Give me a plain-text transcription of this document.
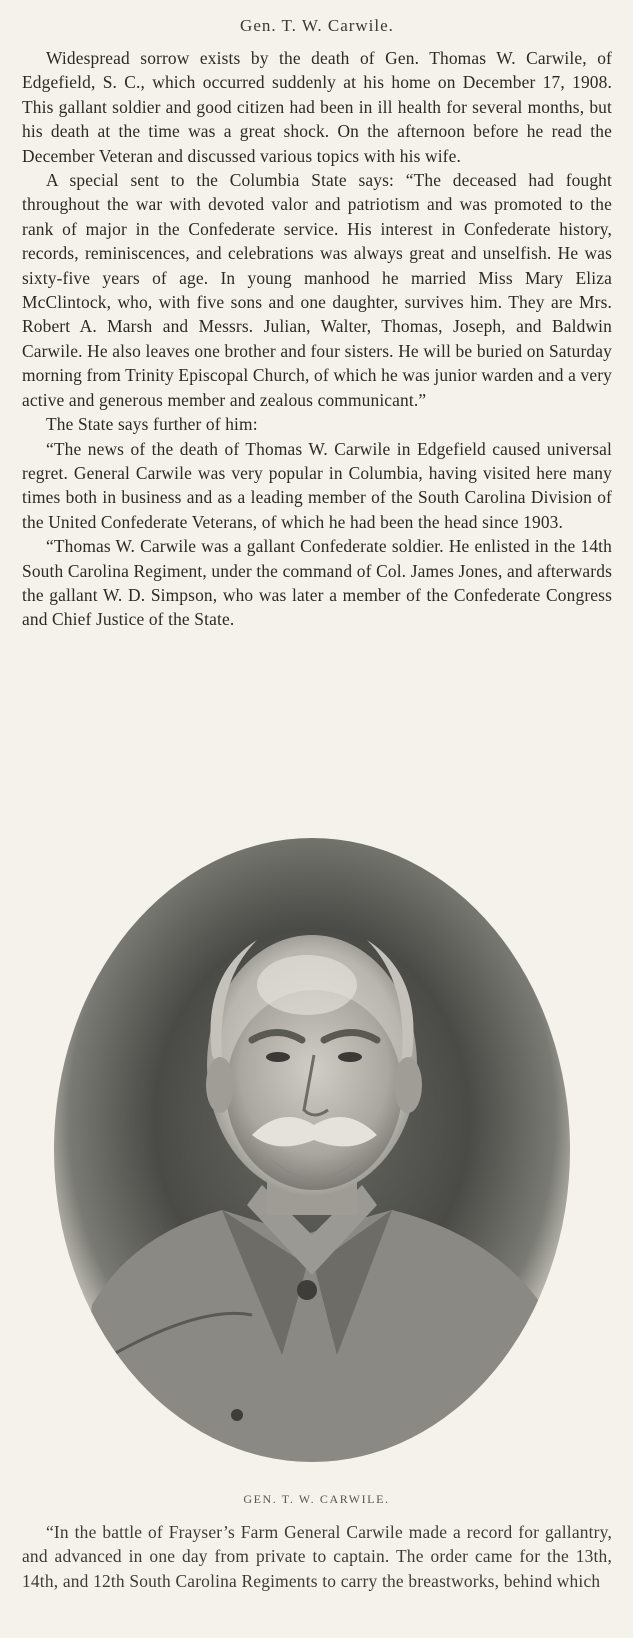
Gen. T. W. Carwile.

Widespread sorrow exists by the death of Gen. Thomas W. Carwile, of Edgefield, S. C., which occurred suddenly at his home on December 17, 1908. This gallant soldier and good citizen had been in ill health for several months, but his death at the time was a great shock. On the afternoon before he read the December Veteran and discussed various topics with his wife.

A special sent to the Columbia State says: “The deceased had fought throughout the war with devoted valor and patriotism and was promoted to the rank of major in the Confederate service. His interest in Confederate history, records, reminiscences, and celebrations was always great and unselfish. He was sixty-five years of age. In young manhood he married Miss Mary Eliza McClintock, who, with five sons and one daughter, survives him. They are Mrs. Robert A. Marsh and Messrs. Julian, Walter, Thomas, Joseph, and Baldwin Carwile. He also leaves one brother and four sisters. He will be buried on Saturday morning from Trinity Episcopal Church, of which he was junior warden and a very active and generous member and zealous communicant.”

The State says further of him:

“The news of the death of Thomas W. Carwile in Edgefield caused universal regret. General Carwile was very popular in Columbia, having visited here many times both in business and as a leading member of the South Carolina Division of the United Confederate Veterans, of which he had been the head since 1903.

“Thomas W. Carwile was a gallant Confederate soldier. He enlisted in the 14th South Carolina Regiment, under the command of Col. James Jones, and afterwards the gallant W. D. Simpson, who was later a member of the Confederate Congress and Chief Justice of the State.

GEN. T. W. CARWILE.

“In the battle of Frayser’s Farm General Carwile made a record for gallantry, and advanced in one day from private to captain. The order came for the 13th, 14th, and 12th South Carolina Regiments to carry the breastworks, behind which
